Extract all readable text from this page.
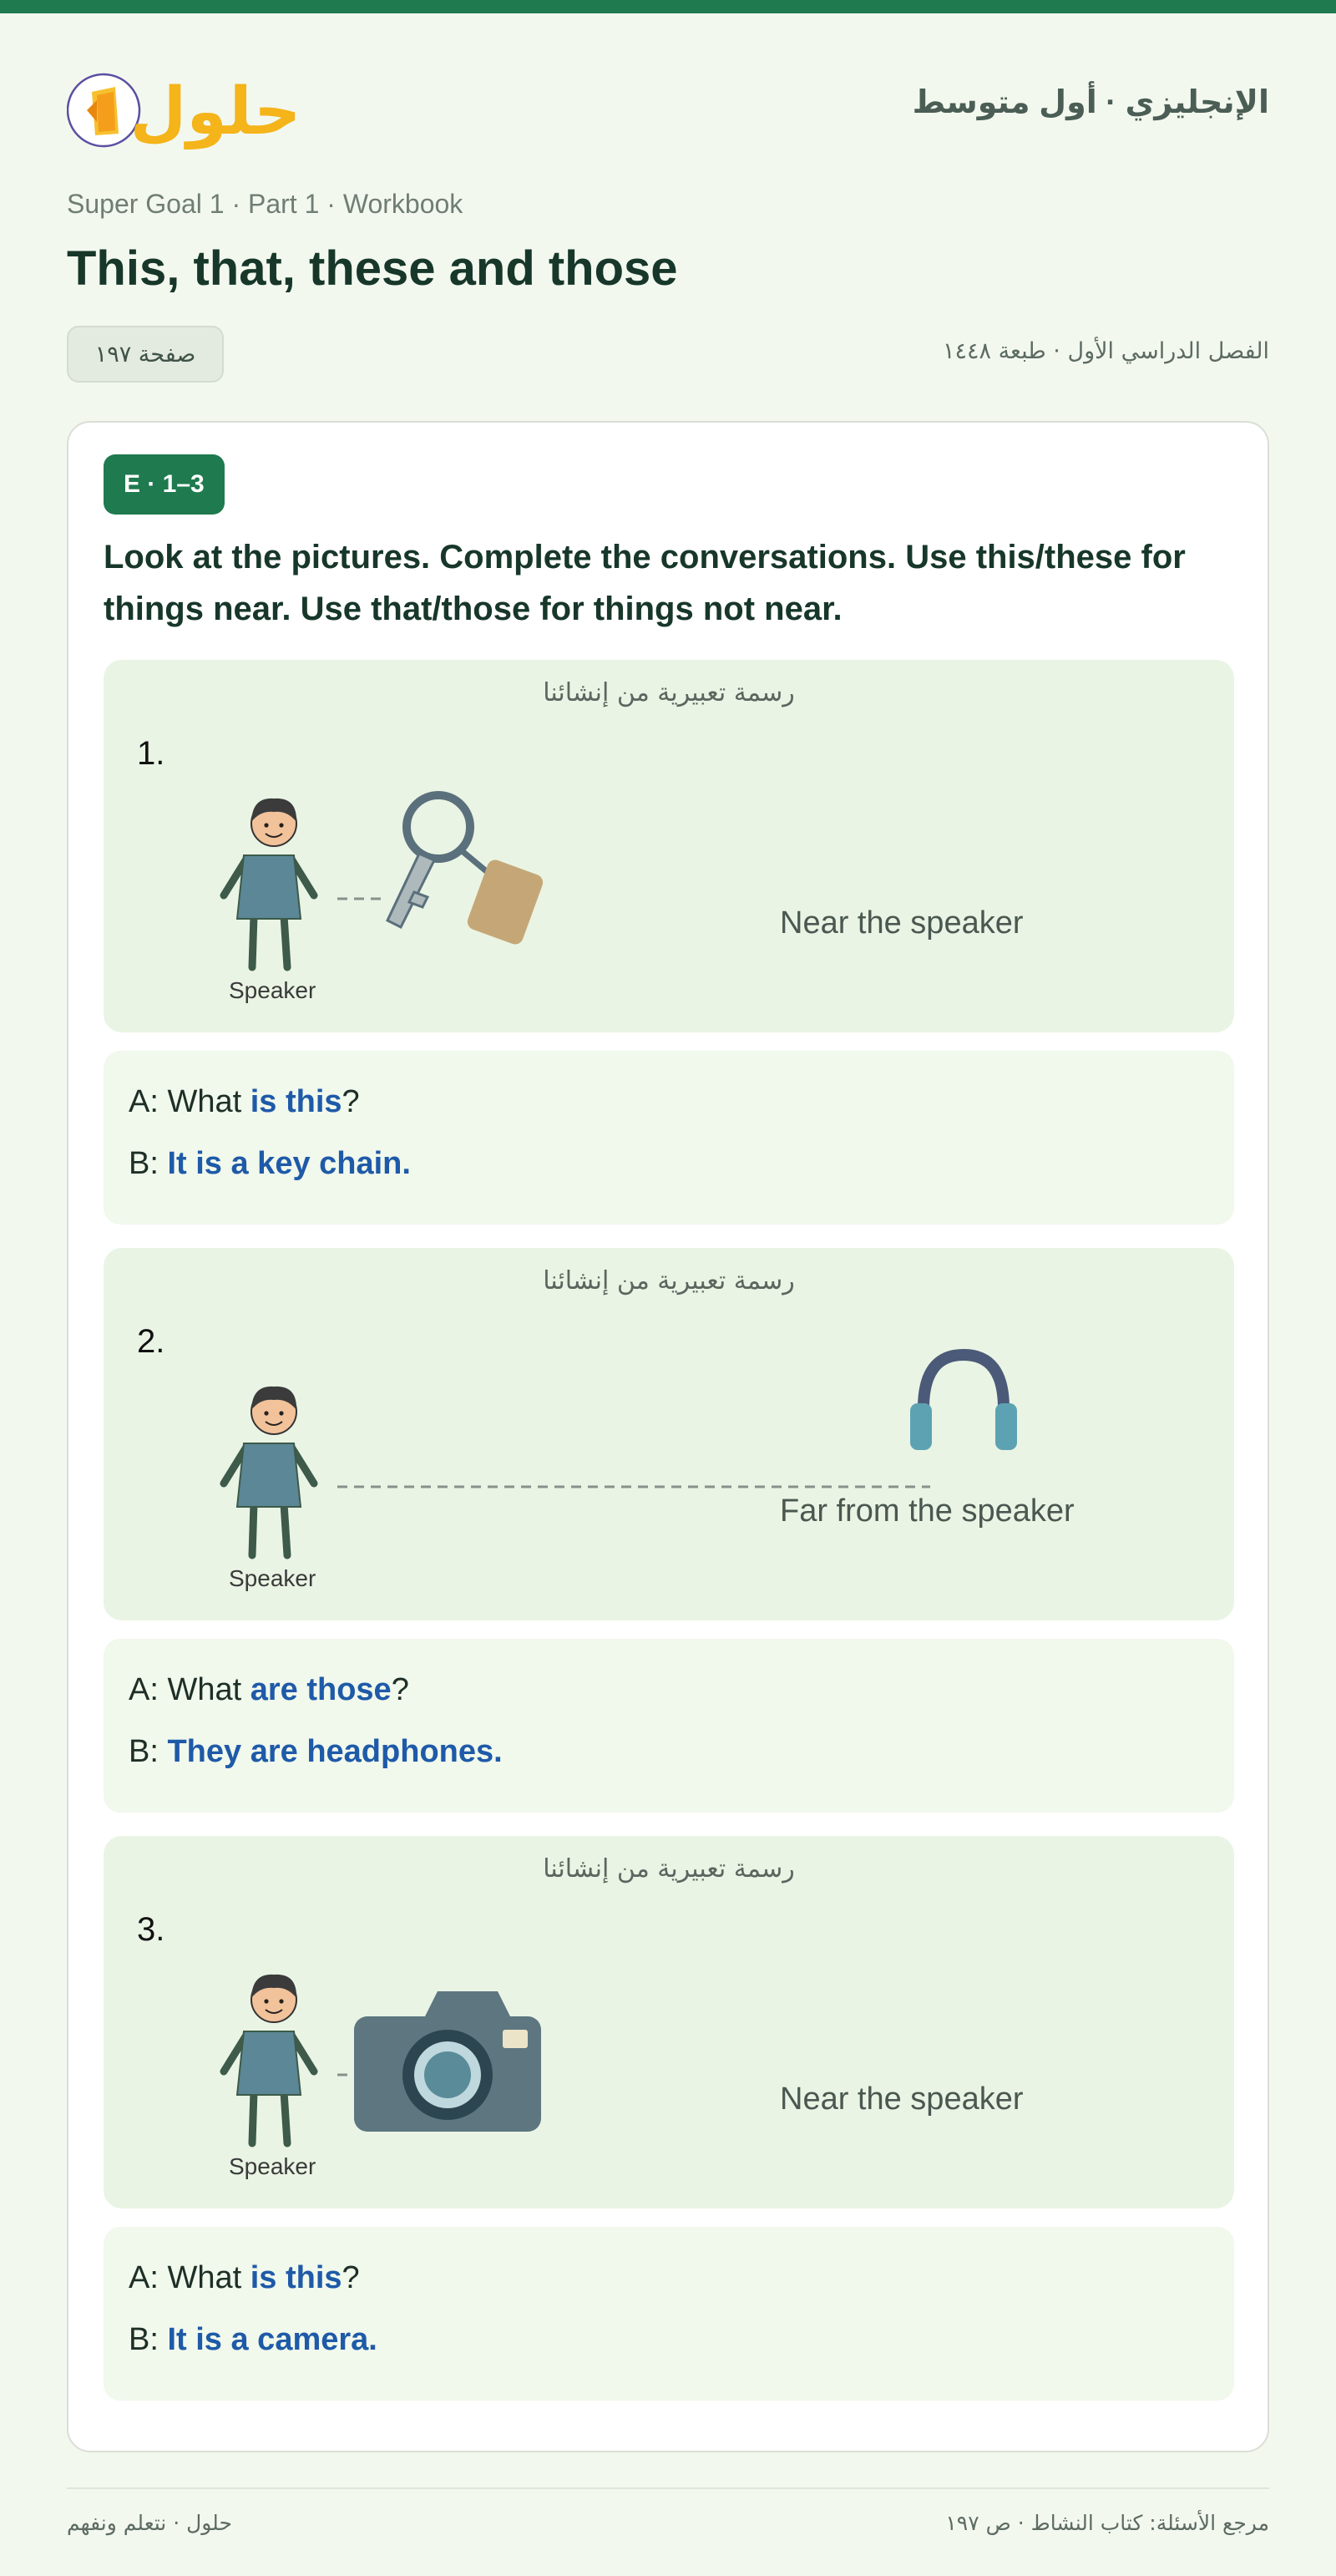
حلول	الإنجليزي · أول متوسط
Super Goal 1 · Part 1 · Workbook
This, that, these and those
صفحة ١٩٧	الفصل الدراسي الأول · طبعة ١٤٤٨
E · 1–3
Look at the pictures. Complete the conversations. Use this/these for things near. Use that/those for things not near.
رسمة تعبيرية من إنشائنا
1.
Speaker
Near the speaker
A: What is this?
B: It is a key chain.
رسمة تعبيرية من إنشائنا
2.
Speaker
Far from the speaker
A: What are those?
B: They are headphones.
رسمة تعبيرية من إنشائنا
3.
Speaker
Near the speaker
A: What is this?
B: It is a camera.
حلول · نتعلم ونفهم	مرجع الأسئلة: كتاب النشاط · ص ١٩٧
